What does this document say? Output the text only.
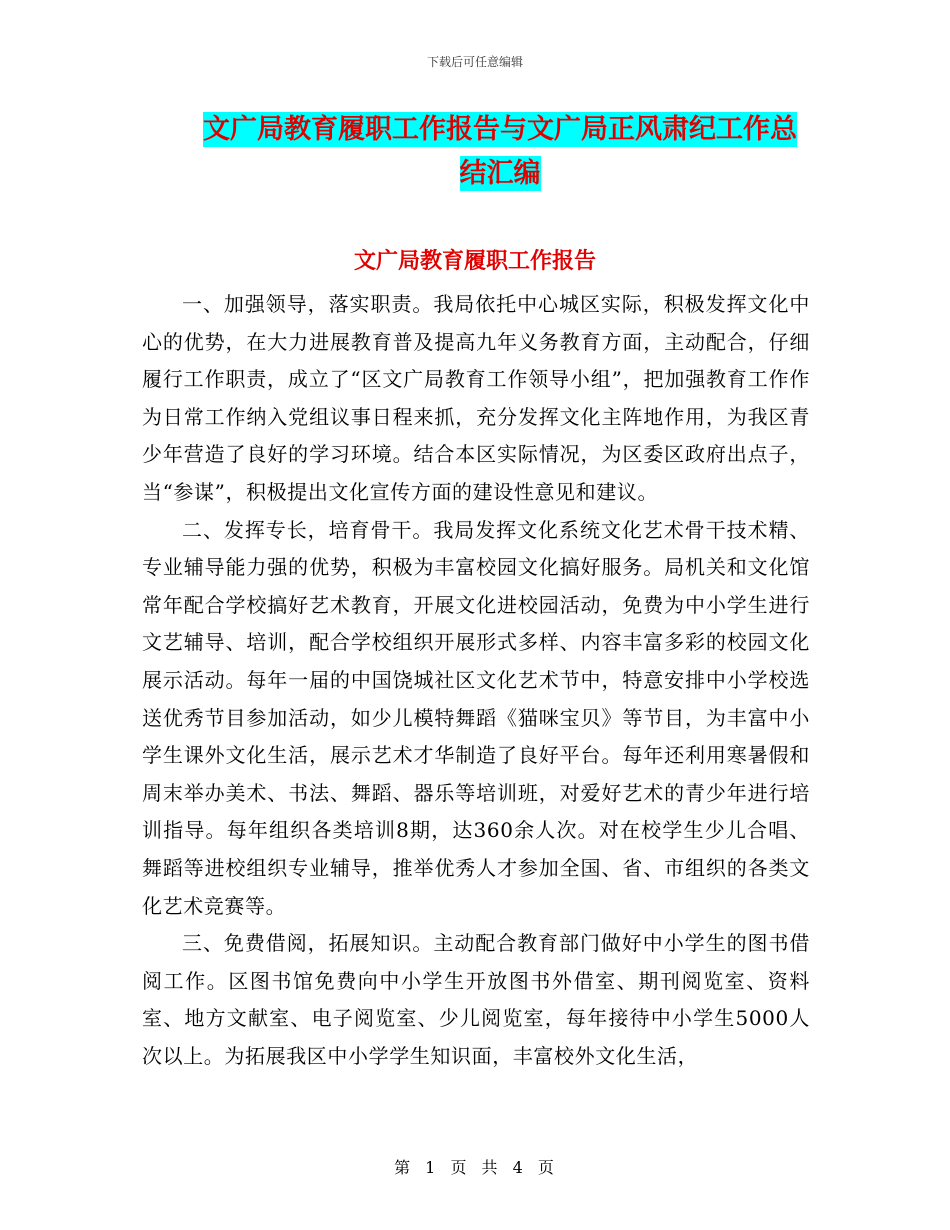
下载后可任意编辑
文广局教育履职工作报告与文广局正风肃纪工作总结汇编
文广局教育履职工作报告

一、加强领导，落实职责。我局依托中心城区实际，积极发挥文化中心的优势，在大力进展教育普及提高九年义务教育方面，主动配合，仔细履行工作职责，成立了“区文广局教育工作领导小组”，把加强教育工作作为日常工作纳入党组议事日程来抓，充分发挥文化主阵地作用，为我区青少年营造了良好的学习环境。结合本区实际情况，为区委区政府出点子，当“参谋”，积极提出文化宣传方面的建设性意见和建议。

二、发挥专长，培育骨干。我局发挥文化系统文化艺术骨干技术精、专业辅导能力强的优势，积极为丰富校园文化搞好服务。局机关和文化馆常年配合学校搞好艺术教育，开展文化进校园活动，免费为中小学生进行文艺辅导、培训，配合学校组织开展形式多样、内容丰富多彩的校园文化展示活动。每年一届的中国饶城社区文化艺术节中，特意安排中小学校选送优秀节目参加活动，如少儿模特舞蹈《猫咪宝贝》等节目，为丰富中小学生课外文化生活，展示艺术才华制造了良好平台。每年还利用寒暑假和周末举办美术、书法、舞蹈、器乐等培训班，对爱好艺术的青少年进行培训指导。每年组织各类培训8期，达360余人次。对在校学生少儿合唱、舞蹈等进校组织专业辅导，推举优秀人才参加全国、省、市组织的各类文化艺术竞赛等。

三、免费借阅，拓展知识。主动配合教育部门做好中小学生的图书借阅工作。区图书馆免费向中小学生开放图书外借室、期刊阅览室、资料室、地方文献室、电子阅览室、少儿阅览室，每年接待中小学生5000人次以上。为拓展我区中小学学生知识面，丰富校外文化生活，

第 1 页 共 4 页
